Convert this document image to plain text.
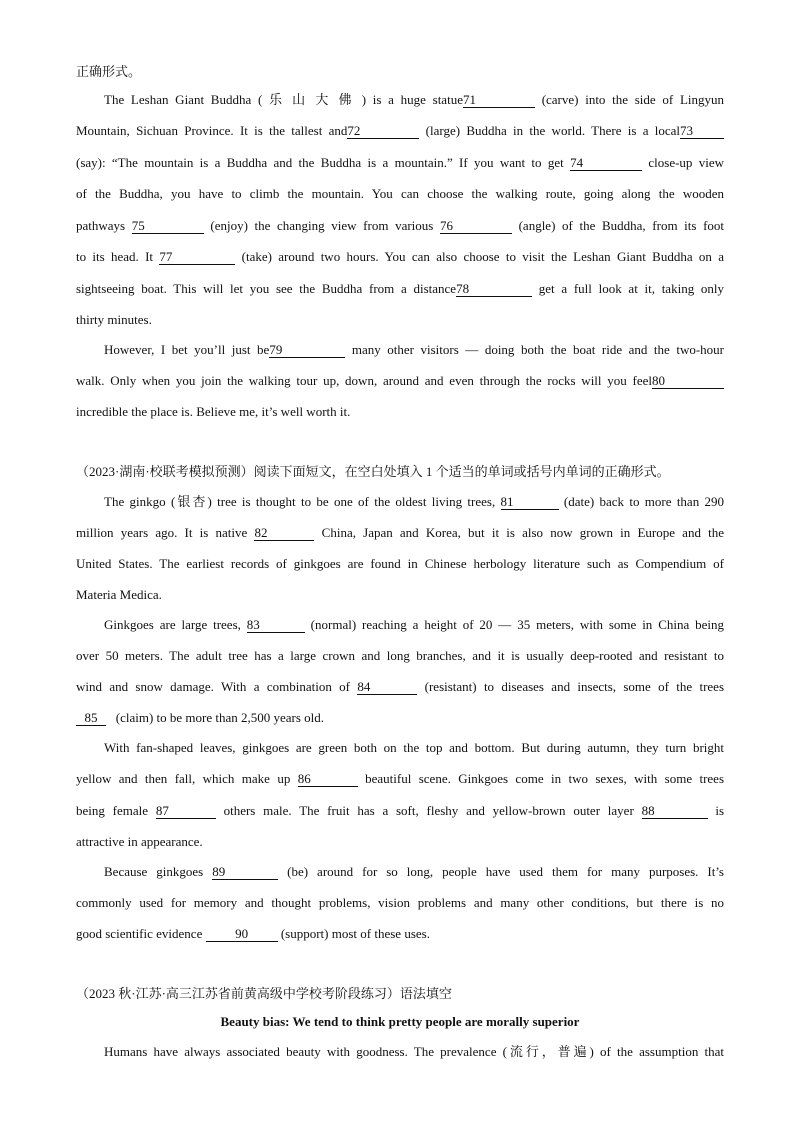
正确形式。
The Leshan Giant Buddha ( 乐 山 大 佛 ) is a huge statue71	(carve) into the side of Lingyun
Mountain, Sichuan Province. It is the tallest and72	(large) Buddha in the world. There is a local73
(say): “The mountain is a Buddha and the Buddha is a mountain.” If you want to get 74	close-up view
of the Buddha, you have to climb the mountain. You can choose the walking route, going along the wooden
pathways 75	(enjoy) the changing view from various 76	(angle) of the Buddha, from its foot
to its head. It 77	(take) around two hours. You can also choose to visit the Leshan Giant Buddha on a
sightseeing boat. This will let you see the Buddha from a distance78	get a full look at it, taking only
thirty minutes.
However, I bet you’ll just be79	many other visitors — doing both the boat ride and the two-hour
walk. Only when you join the walking tour up, down, around and even through the rocks will you feel80
incredible the place is. Believe me, it’s well worth it.
（2023·湖南·校联考模拟预测）阅读下面短文，在空白处填入 1 个适当的单词或括号内单词的正确形式。
The ginkgo (银杏) tree is thought to be one of the oldest living trees, 81	(date) back to more than 290
million years ago. It is native 82	China, Japan and Korea, but it is also now grown in Europe and the
United States. The earliest records of ginkgoes are found in Chinese herbology literature such as Compendium of
Materia Medica.
Ginkgoes are large trees, 83	(normal) reaching a height of 20 — 35 meters, with some in China being
over 50 meters. The adult tree has a large crown and long branches, and it is usually deep-rooted and resistant to
wind and snow damage. With a combination of 84	(resistant) to diseases and insects, some of the trees
85 (claim) to be more than 2,500 years old.
With fan-shaped leaves, ginkgoes are green both on the top and bottom. But during autumn, they turn bright
yellow and then fall, which make up 86	beautiful scene. Ginkgoes come in two sexes, with some trees
being female 87	others male. The fruit has a soft, fleshy and yellow-brown outer layer 88	is
attractive in appearance.
Because ginkgoes 89	(be) around for so long, people have used them for many purposes. It’s
commonly used for memory and thought problems, vision problems and many other conditions, but there is no
good scientific evidence	90	(support) most of these uses.
（2023 秋·江苏·高三江苏省前黄高级中学校考阶段练习）语法填空
Beauty bias: We tend to think pretty people are morally superior
Humans have always associated beauty with goodness. The prevalence (流行，普遍) of the assumption that
